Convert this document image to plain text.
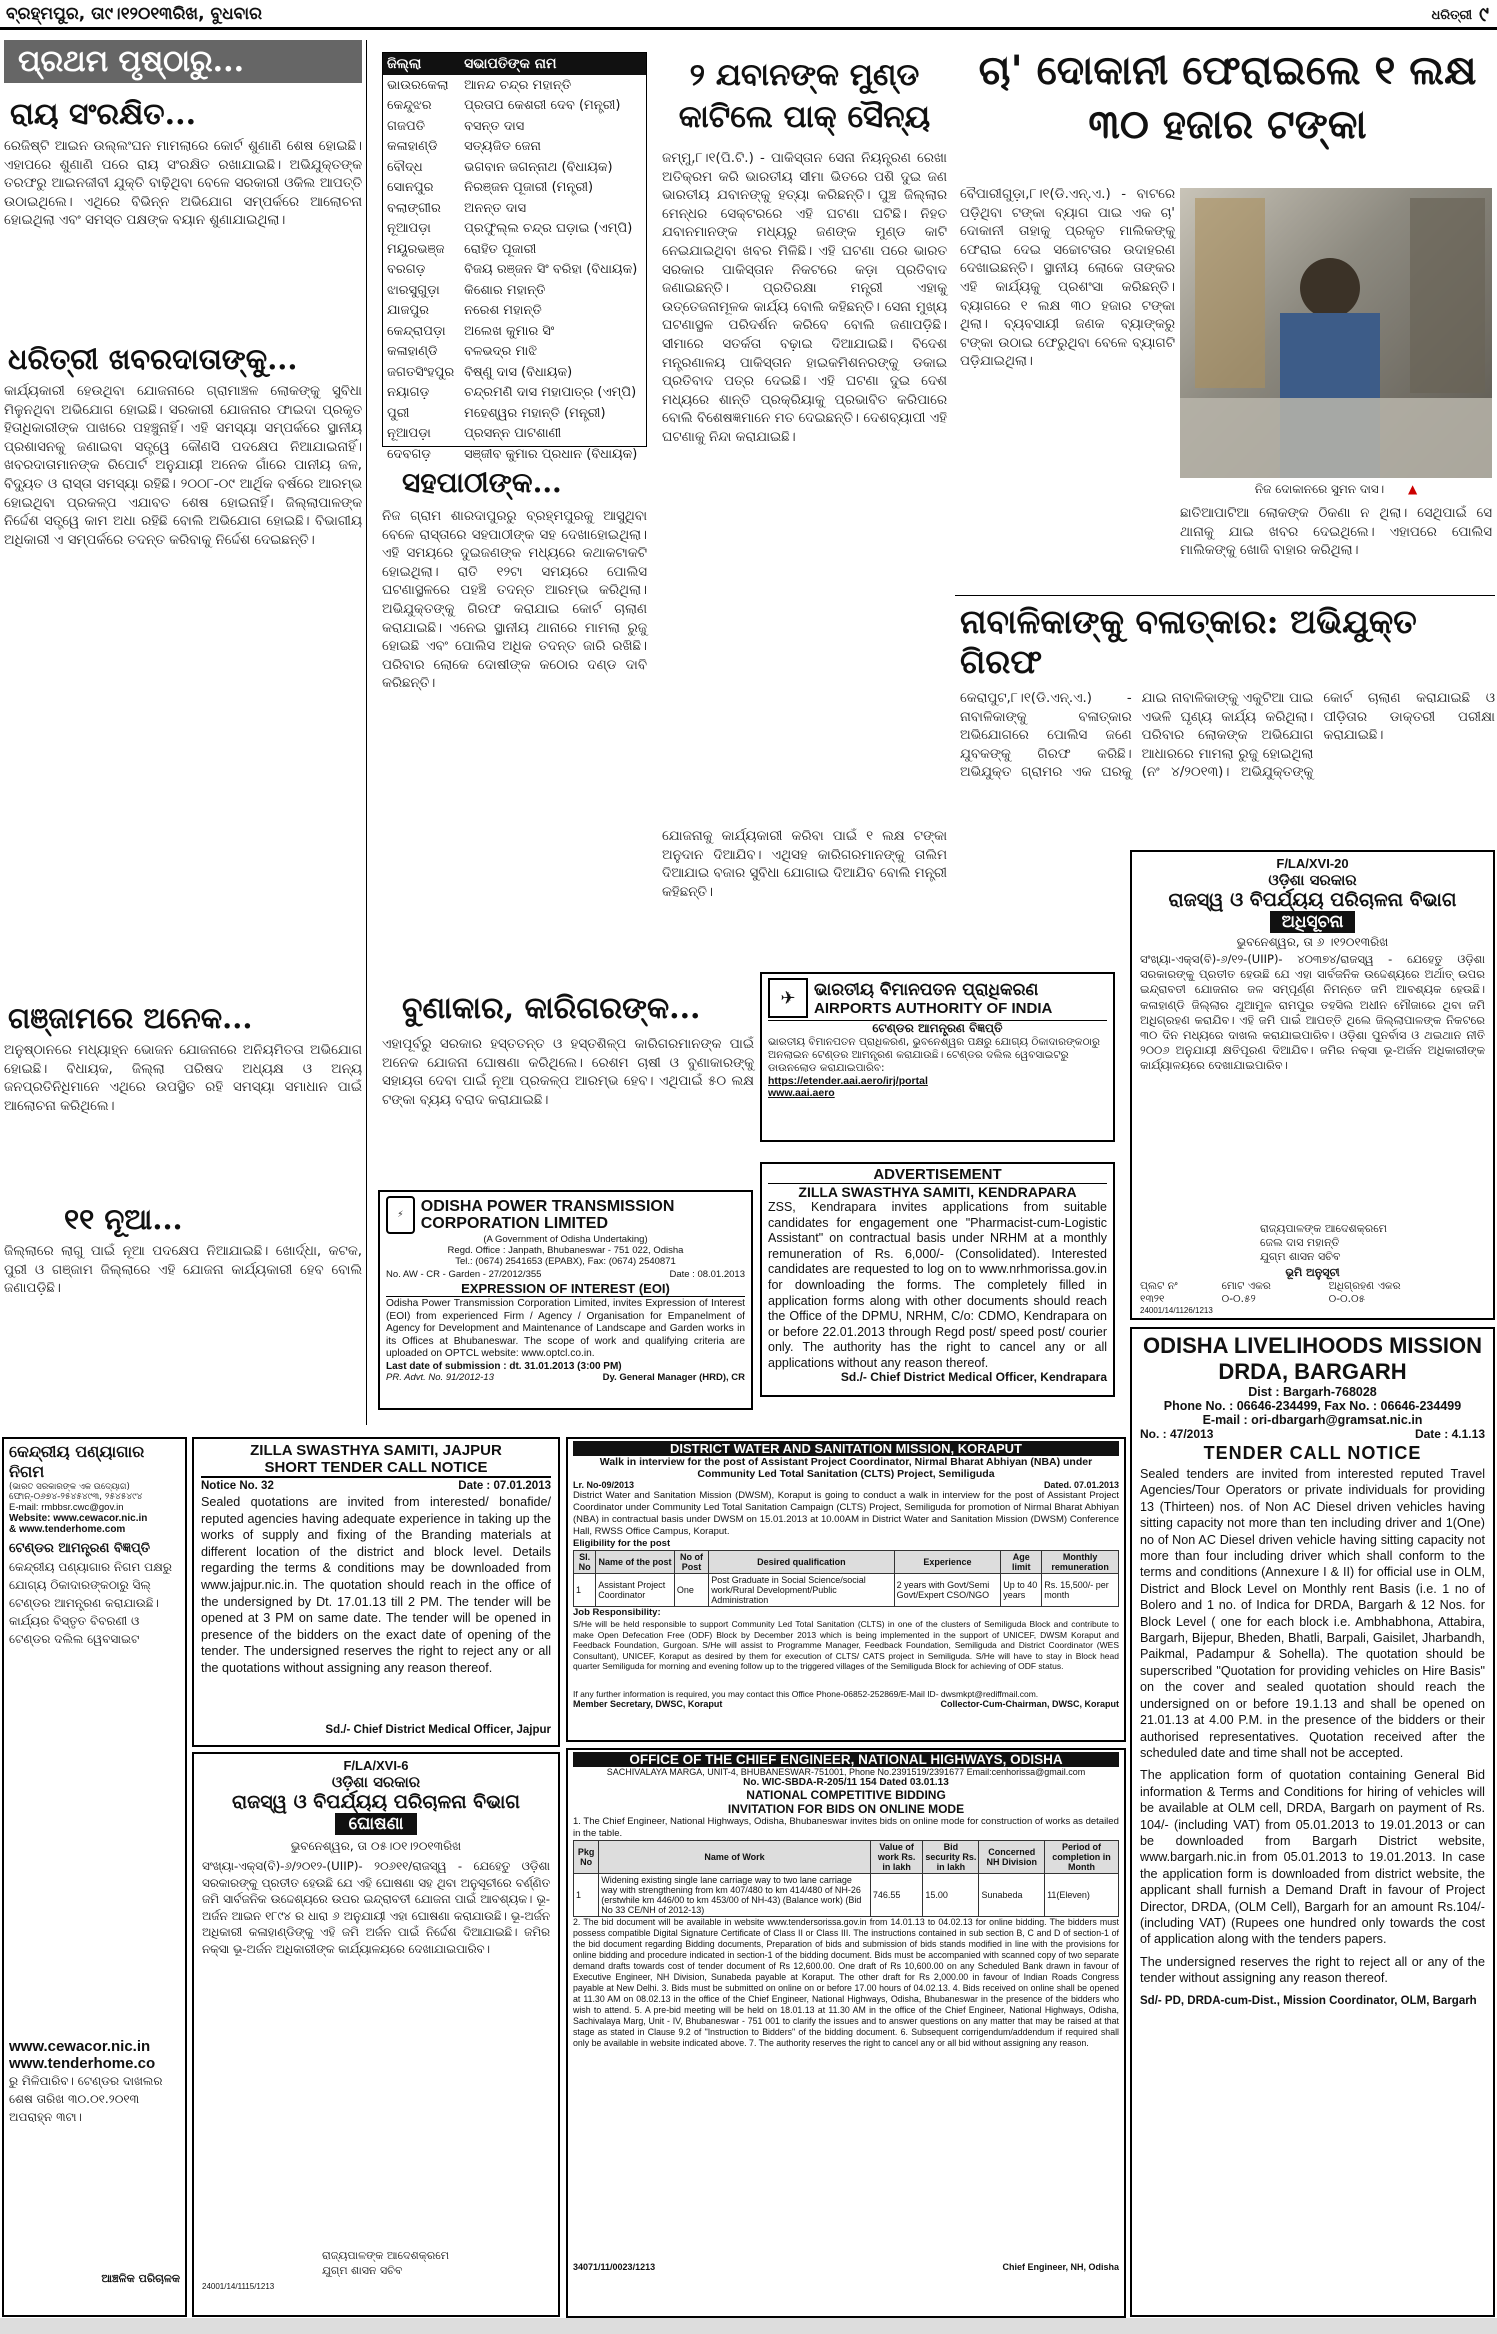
ବ୍ରହ୍ମପୁର, ତା୯।୧୨୦୧୩ରିଖ, ବୁଧବାର	ଧରିତ୍ରୀ ୯
ପ୍ରଥମ ପୃଷ୍ଠାରୁ...
ରାୟ ସଂରକ୍ଷିତ...
ରେଜିଷ୍ଟି ଆଇନ ଉଲ୍ଲଂଘନ ମାମଲାରେ କୋର୍ଟ ଶୁଣାଣି ଶେଷ ହୋଇଛି। ଏହାପରେ ଶୁଣାଣି ପରେ ରାୟ ସଂରକ୍ଷିତ ରଖାଯାଇଛି। ଅଭିଯୁକ୍ତଙ୍କ ତରଫରୁ ଆଇନଜୀବୀ ଯୁକ୍ତି ବାଢ଼ିଥିବା ବେଳେ ସରକାରୀ ଓକିଲ ଆପତ୍ତି ଉଠାଇଥିଲେ। ଏଥିରେ ବିଭିନ୍ନ ଅଭିଯୋଗ ସମ୍ପର୍କରେ ଆଲୋଚନା ହୋଇଥିଲା ଏବଂ ସମସ୍ତ ପକ୍ଷଙ୍କ ବୟାନ ଶୁଣାଯାଇଥିଲା।
ଧରିତ୍ରୀ ଖବରଦାତାଙ୍କୁ...
କାର୍ଯ୍ୟକାରୀ ହେଉଥିବା ଯୋଜନାରେ ଗ୍ରାମାଞ୍ଚଳ ଲୋକଙ୍କୁ ସୁବିଧା ମିଳୁନଥିବା ଅଭିଯୋଗ ହୋଇଛି। ସରକାରୀ ଯୋଜନାର ଫାଇଦା ପ୍ରକୃତ ହିତାଧିକାରୀଙ୍କ ପାଖରେ ପହଞ୍ଚୁନାହିଁ। ଏହି ସମସ୍ୟା ସମ୍ପର୍କରେ ସ୍ଥାନୀୟ ପ୍ରଶାସନକୁ ଜଣାଇବା ସତ୍ତ୍ୱେ କୌଣସି ପଦକ୍ଷେପ ନିଆଯାଇନାହିଁ। ଖବରଦାତାମାନଙ୍କ ରିପୋର୍ଟ ଅନୁଯାୟୀ ଅନେକ ଗାଁରେ ପାନୀୟ ଜଳ, ବିଦ୍ୟୁତ ଓ ରାସ୍ତା ସମସ୍ୟା ରହିଛି। ୨୦୦୮-୦୯ ଆର୍ଥିକ ବର୍ଷରେ ଆରମ୍ଭ ହୋଇଥିବା ପ୍ରକଳ୍ପ ଏଯାବତ ଶେଷ ହୋଇନାହିଁ। ଜିଲ୍ଲାପାଳଙ୍କ ନିର୍ଦ୍ଦେଶ ସତ୍ତ୍ୱେ କାମ ଅଧା ରହିଛି ବୋଲି ଅଭିଯୋଗ ହୋଇଛି। ବିଭାଗୀୟ ଅଧିକାରୀ ଏ ସମ୍ପର୍କରେ ତଦନ୍ତ କରିବାକୁ ନିର୍ଦ୍ଦେଶ ଦେଇଛନ୍ତି।
ଗଞ୍ଜାମରେ ଅନେକ...
ଅନୁଷ୍ଠାନରେ ମଧ୍ୟାହ୍ନ ଭୋଜନ ଯୋଜନାରେ ଅନିୟମିତତା ଅଭିଯୋଗ ହୋଇଛି। ବିଧାୟକ, ଜିଲ୍ଲା ପରିଷଦ ଅଧ୍ୟକ୍ଷ ଓ ଅନ୍ୟ ଜନପ୍ରତିନିଧିମାନେ ଏଥିରେ ଉପସ୍ଥିତ ରହି ସମସ୍ୟା ସମାଧାନ ପାଇଁ ଆଲୋଚନା କରିଥିଲେ।
୧୧ ନୂଆ...
ଜିଲ୍ଲାରେ ଲାଗୁ ପାଇଁ ନୂଆ ପଦକ୍ଷେପ ନିଆଯାଇଛି। ଖୋର୍ଦ୍ଧା, କଟକ, ପୁରୀ ଓ ଗଞ୍ଜାମ ଜିଲ୍ଲାରେ ଏହି ଯୋଜନା କାର୍ଯ୍ୟକାରୀ ହେବ ବୋଲି ଜଣାପଡ଼ିଛି।
ଜିଲ୍ଲା	ସଭାପତିଙ୍କ ନାମ
ଭାଉରକେଲା	ଆନନ୍ଦ ଚନ୍ଦ୍ର ମହାନ୍ତି
କେନ୍ଦୁଝର	ପ୍ରତାପ କେଶରୀ ଦେବ (ମନ୍ତ୍ରୀ)
ଗଜପତି	ବସନ୍ତ ଦାସ
କଳାହାଣ୍ଡି	ସତ୍ୟଜିତ ଜେନା
ବୌଦ୍ଧ	ଭଗବାନ ଜଗନ୍ନାଥ (ବିଧାୟକ)
ସୋନପୁର	ନିରଞ୍ଜନ ପୂଜାରୀ (ମନ୍ତ୍ରୀ)
ବଲାଙ୍ଗୀର	ଅନନ୍ତ ଦାସ
ନୂଆପଡ଼ା	ପ୍ରଫୁଲ୍ଲ ଚନ୍ଦ୍ର ଘଡ଼ାଇ (ଏମ୍ପି)
ମୟୂରଭଞ୍ଜ	ରୋହିତ ପୂଜାରୀ
ବରଗଡ଼	ବିଜୟ ରଞ୍ଜନ ସିଂ ବରିହା (ବିଧାୟକ)
ଝାରସୁଗୁଡ଼ା	କିଶୋର ମହାନ୍ତି
ଯାଜପୁର	ନରେଶ ମହାନ୍ତି
କେନ୍ଦ୍ରାପଡ଼ା	ଅଲେଖ କୁମାର ସିଂ
କଳାହାଣ୍ଡି	ବଳଭଦ୍ର ମାଝି
ଜଗତସିଂହପୁର	ବିଷ୍ଣୁ ଦାସ (ବିଧାୟକ)
ନୟାଗଡ଼	ଚନ୍ଦ୍ରମଣି ଦାସ ମହାପାତ୍ର (ଏମ୍ପି)
ପୁରୀ	ମହେଶ୍ୱର ମହାନ୍ତି (ମନ୍ତ୍ରୀ)
ନୂଆପଡ଼ା	ପ୍ରସନ୍ନ ପାଟଶାଣୀ
ଦେବଗଡ଼	ସଞ୍ଜୀବ କୁମାର ପ୍ରଧାନ (ବିଧାୟକ)
ସହପାଠୀଙ୍କ...
ନିଜ ଗ୍ରାମ ଶାରଦାପୁରରୁ ବ୍ରହ୍ମପୁରକୁ ଆସୁଥିବା ବେଳେ ରାସ୍ତାରେ ସହପାଠୀଙ୍କ ସହ ଦେଖାହୋଇଥିଲା। ଏହି ସମୟରେ ଦୁଇଜଣଙ୍କ ମଧ୍ୟରେ କଥାକଟାକଟି ହୋଇଥିଲା। ରାତି ୧୨ଟା ସମୟରେ ପୋଲିସ ଘଟଣାସ୍ଥଳରେ ପହଞ୍ଚି ତଦନ୍ତ ଆରମ୍ଭ କରିଥିଲା। ଅଭିଯୁକ୍ତଙ୍କୁ ଗିରଫ କରାଯାଇ କୋର୍ଟ ଚାଲାଣ କରାଯାଇଛି। ଏନେଇ ସ୍ଥାନୀୟ ଥାନାରେ ମାମଲା ରୁଜୁ ହୋଇଛି ଏବଂ ପୋଲିସ ଅଧିକ ତଦନ୍ତ ଜାରି ରଖିଛି। ପରିବାର ଲୋକେ ଦୋଷୀଙ୍କ କଠୋର ଦଣ୍ଡ ଦାବି କରିଛନ୍ତି।
୨ ଯବାନଙ୍କ ମୁଣ୍ଡ କାଟିଲେ ପାକ୍ ସୈନ୍ୟ
ଜମ୍ମୁ,୮।୧(ପି.ଟି.) - ପାକିସ୍ତାନ ସେନା ନିୟନ୍ତ୍ରଣ ରେଖା ଅତିକ୍ରମ କରି ଭାରତୀୟ ସୀମା ଭିତରେ ପଶି ଦୁଇ ଜଣ ଭାରତୀୟ ଯବାନଙ୍କୁ ହତ୍ୟା କରିଛନ୍ତି। ପୁଞ୍ଚ ଜିଲ୍ଲାର ମେନ୍ଧର ସେକ୍ଟରରେ ଏହି ଘଟଣା ଘଟିଛି। ନିହତ ଯବାନମାନଙ୍କ ମଧ୍ୟରୁ ଜଣଙ୍କ ମୁଣ୍ଡ କାଟି ନେଇଯାଇଥିବା ଖବର ମିଳିଛି। ଏହି ଘଟଣା ପରେ ଭାରତ ସରକାର ପାକିସ୍ତାନ ନିକଟରେ କଡ଼ା ପ୍ରତିବାଦ ଜଣାଇଛନ୍ତି। ପ୍ରତିରକ୍ଷା ମନ୍ତ୍ରୀ ଏହାକୁ ଉତ୍ତେଜନାମୂଳକ କାର୍ଯ୍ୟ ବୋଲି କହିଛନ୍ତି। ସେନା ମୁଖ୍ୟ ଘଟଣାସ୍ଥଳ ପରିଦର୍ଶନ କରିବେ ବୋଲି ଜଣାପଡ଼ିଛି। ସୀମାରେ ସତର୍କତା ବଢ଼ାଇ ଦିଆଯାଇଛି। ବିଦେଶ ମନ୍ତ୍ରଣାଳୟ ପାକିସ୍ତାନ ହାଇକମିଶନରଙ୍କୁ ଡକାଇ ପ୍ରତିବାଦ ପତ୍ର ଦେଇଛି। ଏହି ଘଟଣା ଦୁଇ ଦେଶ ମଧ୍ୟରେ ଶାନ୍ତି ପ୍ରକ୍ରିୟାକୁ ପ୍ରଭାବିତ କରିପାରେ ବୋଲି ବିଶେଷଜ୍ଞମାନେ ମତ ଦେଇଛନ୍ତି। ଦେଶବ୍ୟାପୀ ଏହି ଘଟଣାକୁ ନିନ୍ଦା କରାଯାଇଛି।
ଯୋଜନାକୁ କାର୍ଯ୍ୟକାରୀ କରିବା ପାଇଁ ୧ ଲକ୍ଷ ଟଙ୍କା ଅନୁଦାନ ଦିଆଯିବ। ଏଥିସହ କାରିଗରମାନଙ୍କୁ ତାଲିମ ଦିଆଯାଇ ବଜାର ସୁବିଧା ଯୋଗାଇ ଦିଆଯିବ ବୋଲି ମନ୍ତ୍ରୀ କହିଛନ୍ତି।
ବୁଣାକାର, କାରିଗରଙ୍କ...
ଏହାପୂର୍ବରୁ ସରକାର ହସ୍ତତନ୍ତ ଓ ହସ୍ତଶିଳ୍ପ କାରିଗରମାନଙ୍କ ପାଇଁ ଅନେକ ଯୋଜନା ଘୋଷଣା କରିଥିଲେ। ରେଶମ ଚାଷୀ ଓ ବୁଣାକାରଙ୍କୁ ସହାୟତା ଦେବା ପାଇଁ ନୂଆ ପ୍ରକଳ୍ପ ଆରମ୍ଭ ହେବ। ଏଥିପାଇଁ ୫୦ ଲକ୍ଷ ଟଙ୍କା ବ୍ୟୟ ବରାଦ କରାଯାଇଛି।
⚡	ODISHA POWER TRANSMISSION CORPORATION LIMITED
(A Government of Odisha Undertaking)
Regd. Office : Janpath, Bhubaneswar - 751 022, Odisha
Tel.: (0674) 2541653 (EPABX), Fax: (0674) 2540871
No. AW - CR - Garden - 27/2012/355	Date : 08.01.2013
EXPRESSION OF INTEREST (EOI)
Odisha Power Transmission Corporation Limited, invites Expression of Interest (EOI) from experienced Firm / Agency / Organisation for Empanelment of Agency for Development and Maintenance of Landscape and Garden works in its Offices at Bhubaneswar. The scope of work and qualifying criteria are uploaded on OPTCL website: www.optcl.co.in.
Last date of submission : dt. 31.01.2013 (3:00 PM)
PR. Advt. No. 91/2012-13	Dy. General Manager (HRD), CR
ଚା' ଦୋକାନୀ ଫେରାଇଲେ ୧ ଲକ୍ଷ ୩୦ ହଜାର ଟଙ୍କା
ବୈପାରୀଗୁଡ଼ା,୮।୧(ଡି.ଏନ୍.ଏ.) - ବାଟରେ ପଡ଼ିଥିବା ଟଙ୍କା ବ୍ୟାଗ ପାଇ ଏକ ଚା' ଦୋକାନୀ ତାହାକୁ ପ୍ରକୃତ ମାଲିକଙ୍କୁ ଫେରାଇ ଦେଇ ସଚ୍ଚୋଟତାର ଉଦାହରଣ ଦେଖାଇଛନ୍ତି। ସ୍ଥାନୀୟ ଲୋକେ ତାଙ୍କର ଏହି କାର୍ଯ୍ୟକୁ ପ୍ରଶଂସା କରିଛନ୍ତି। ବ୍ୟାଗରେ ୧ ଲକ୍ଷ ୩୦ ହଜାର ଟଙ୍କା ଥିଲା। ବ୍ୟବସାୟୀ ଜଣକ ବ୍ୟାଙ୍କରୁ ଟଙ୍କା ଉଠାଇ ଫେରୁଥିବା ବେଳେ ବ୍ୟାଗଟି ପଡ଼ିଯାଇଥିଲା।
ନିଜ ଦୋକାନରେ ସୁମନ ଦାସ। ▲
ଛାତିଆପାଟିଆ ଲୋକଙ୍କ ଠିକଣା ନ ଥିଲା। ସେଥିପାଇଁ ସେ ଥାନାକୁ ଯାଇ ଖବର ଦେଇଥିଲେ। ଏହାପରେ ପୋଲିସ ମାଲିକଙ୍କୁ ଖୋଜି ବାହାର କରିଥିଲା।
ନାବାଳିକାଙ୍କୁ ବଳାତ୍କାର: ଅଭିଯୁକ୍ତ ଗିରଫ
କେରାପୁଟ,୮।୧(ଡି.ଏନ୍.ଏ.) - ନାବାଳିକାଙ୍କୁ ବଳାତ୍କାର ଅଭିଯୋଗରେ ପୋଲିସ ଜଣେ ଯୁବକଙ୍କୁ ଗିରଫ କରିଛି। ଅଭିଯୁକ୍ତ ଗ୍ରାମର ଏକ ଘରକୁ ଯାଇ ନାବାଳିକାଙ୍କୁ ଏକୁଟିଆ ପାଇ ଏଭଳି ଘୃଣ୍ୟ କାର୍ଯ୍ୟ କରିଥିଲା। ପରିବାର ଲୋକଙ୍କ ଅଭିଯୋଗ ଆଧାରରେ ମାମଲା ରୁଜୁ ହୋଇଥିଲା (ନଂ ୪/୨୦୧୩)। ଅଭିଯୁକ୍ତଙ୍କୁ କୋର୍ଟ ଚାଲାଣ କରାଯାଇଛି ଓ ପୀଡ଼ିତାର ଡାକ୍ତରୀ ପରୀକ୍ଷା କରାଯାଇଛି।
✈	ଭାରତୀୟ ବିମାନପତନ ପ୍ରାଧିକରଣ
AIRPORTS AUTHORITY OF INDIA
ଟେଣ୍ଡର ଆମନ୍ତ୍ରଣ ବିଜ୍ଞପ୍ତି
ଭାରତୀୟ ବିମାନପତନ ପ୍ରାଧିକରଣ, ଭୁବନେଶ୍ୱର ପକ୍ଷରୁ ଯୋଗ୍ୟ ଠିକାଦାରଙ୍କଠାରୁ ଅନଲାଇନ ଟେଣ୍ଡର ଆମନ୍ତ୍ରଣ କରାଯାଉଛି। ଟେଣ୍ଡର ଦଲିଲ ୱେବସାଇଟରୁ ଡାଉନଲୋଡ କରାଯାଇପାରିବ:
https://etender.aai.aero/irj/portal
www.aai.aero
ADVERTISEMENT
ZILLA SWASTHYA SAMITI, KENDRAPARA
ZSS, Kendrapara invites applications from suitable candidates for engagement one "Pharmacist-cum-Logistic Assistant" on contractual basis under NRHM at a monthly remuneration of Rs. 6,000/- (Consolidated). Interested candidates are requested to log on to www.nrhmorissa.gov.in for downloading the forms. The completely filled in application forms along with other documents should reach the Office of the DPMU, NRHM, C/o: CDMO, Kendrapara on or before 22.01.2013 through Regd post/ speed post/ courier only. The authority has the right to cancel any or all applications without any reason thereof.
Sd./- Chief District Medical Officer, Kendrapara
F/LA/XVI-20
ଓଡ଼ିଶା ସରକାର
ରାଜସ୍ୱ ଓ ବିପର୍ଯ୍ୟୟ ପରିଚାଳନା ବିଭାଗ
ଅଧିସୂଚନା
ଭୁବନେଶ୍ୱର, ତା ୬ ।୧୨୦୧୩ରିଖ
ସଂଖ୍ୟା-ଏକ୍ସ(ବି)-୬/୧୨-(UIIP)- ୪୦୩୭୪/ରାଜସ୍ୱ - ଯେହେତୁ ଓଡ଼ିଶା ସରକାରଙ୍କୁ ପ୍ରତୀତ ହେଉଛି ଯେ ଏହା ସାର୍ବଜନିକ ଉଦ୍ଦେଶ୍ୟରେ ଅର୍ଥାତ୍ ଉପର ଇନ୍ଦ୍ରାବତୀ ଯୋଜନାର ଜଳ ସମ୍ପୂର୍ଣ୍ଣ ନିମନ୍ତେ ଜମି ଆବଶ୍ୟକ ହେଉଛି। କଳାହାଣ୍ଡି ଜିଲ୍ଲାର ଥୁଆମୁଳ ରାମପୁର ତହସିଲ ଅଧୀନ ମୌଜାରେ ଥିବା ଜମି ଅଧିଗ୍ରହଣ କରାଯିବ। ଏହି ଜମି ପାଇଁ ଆପତ୍ତି ଥିଲେ ଜିଲ୍ଲାପାଳଙ୍କ ନିକଟରେ ୩୦ ଦିନ ମଧ୍ୟରେ ଦାଖଲ କରାଯାଇପାରିବ। ଓଡ଼ିଶା ପୁନର୍ବାସ ଓ ଥଇଥାନ ନୀତି ୨୦୦୬ ଅନୁଯାୟୀ କ୍ଷତିପୂରଣ ଦିଆଯିବ। ଜମିର ନକ୍ସା ଭୂ-ଅର୍ଜନ ଅଧିକାରୀଙ୍କ କାର୍ଯ୍ୟାଳୟରେ ଦେଖାଯାଇପାରିବ।
ରାଜ୍ୟପାଳଙ୍କ ଆଦେଶକ୍ରମେ
ଜେଲ ଦାସ ମହାନ୍ତି
ଯୁଗ୍ମ ଶାସନ ସଚିବ
ଭୂମି ଅନୁସୂଚୀ
ପ୍ଲଟ ନଂ	ମୋଟ ଏକର	ଅଧିଗ୍ରହଣ ଏକର
୧୩୨୧	୦-୦.୫୨	୦-୦.୦୫
24001/14/1126/1213
ZILLA SWASTHYA SAMITI, JAJPUR
SHORT TENDER CALL NOTICE
Notice No. 32	Date : 07.01.2013
Sealed quotations are invited from interested/ bonafide/ reputed agencies having adequate experience in taking up the works of supply and fixing of the Branding materials at different location of the district and block level. Details regarding the terms & conditions may be downloaded from www.jajpur.nic.in. The quotation should reach in the office of the undersigned by Dt. 17.01.13 till 2 PM. The tender will be opened at 3 PM on same date. The tender will be opened in presence of the bidders on the exact date of opening of the tender. The undersigned reserves the right to reject any or all the quotations without assigning any reason thereof.
Sd./- Chief District Medical Officer, Jajpur
କେନ୍ଦ୍ରୀୟ ପଣ୍ୟାଗାର ନିଗମ
(ଭାରତ ସରକାରଙ୍କ ଏକ ଉଦ୍ୟୋଗ)
ଫୋନ୍-୦୬୭୪-୨୫୪୫୪୯୩, ୨୫୪୫୪୯୪
E-mail: rmbbsr.cwc@gov.in
Website: www.cewacor.nic.in
& www.tenderhome.com
ଟେଣ୍ଡର ଆମନ୍ତ୍ରଣ ବିଜ୍ଞପ୍ତି
କେନ୍ଦ୍ରୀୟ ପଣ୍ୟାଗାର ନିଗମ ପକ୍ଷରୁ ଯୋଗ୍ୟ ଠିକାଦାରଙ୍କଠାରୁ ସିଲ୍ ଟେଣ୍ଡର ଆମନ୍ତ୍ରଣ କରାଯାଉଛି। କାର୍ଯ୍ୟର ବିସ୍ତୃତ ବିବରଣୀ ଓ ଟେଣ୍ଡର ଦଲିଲ ୱେବସାଇଟ
www.cewacor.nic.in
www.tenderhome.co
ରୁ ମିଳିପାରିବ। ଟେଣ୍ଡର ଦାଖଲର ଶେଷ ତାରିଖ ୩୦.୦୧.୨୦୧୩ ଅପରାହ୍ନ ୩ଟା।
ଆଞ୍ଚଳିକ ପରିଚାଳକ
F/LA/XVI-6
ଓଡ଼ିଶା ସରକାର
ରାଜସ୍ୱ ଓ ବିପର୍ଯ୍ୟୟ ପରିଚାଳନା ବିଭାଗ
ଘୋଷଣା
ଭୁବନେଶ୍ୱର, ତା ୦୫।୦୧।୨୦୧୩ରିଖ
ସଂଖ୍ୟା-ଏକ୍ସ(ବି)-୬/୨୦୧୨-(UIIP)- ୨୦୬୧୧/ରାଜସ୍ୱ - ଯେହେତୁ ଓଡ଼ିଶା ସରକାରଙ୍କୁ ପ୍ରତୀତ ହେଉଛି ଯେ ଏହି ଘୋଷଣା ସହ ଥିବା ଅନୁସୂଚୀରେ ବର୍ଣ୍ଣିତ ଜମି ସାର୍ବଜନିକ ଉଦ୍ଦେଶ୍ୟରେ ଉପର ଇନ୍ଦ୍ରାବତୀ ଯୋଜନା ପାଇଁ ଆବଶ୍ୟକ। ଭୂ-ଅର୍ଜନ ଆଇନ ୧୮୯୪ ର ଧାରା ୬ ଅନୁଯାୟୀ ଏହା ଘୋଷଣା କରାଯାଉଛି। ଭୂ-ଅର୍ଜନ ଅଧିକାରୀ କଳାହାଣ୍ଡିଙ୍କୁ ଏହି ଜମି ଅର୍ଜନ ପାଇଁ ନିର୍ଦ୍ଦେଶ ଦିଆଯାଇଛି। ଜମିର ନକ୍ସା ଭୂ-ଅର୍ଜନ ଅଧିକାରୀଙ୍କ କାର୍ଯ୍ୟାଳୟରେ ଦେଖାଯାଇପାରିବ।
ରାଜ୍ୟପାଳଙ୍କ ଆଦେଶକ୍ରମେ
ଯୁଗ୍ମ ଶାସନ ସଚିବ
24001/14/1115/1213
DISTRICT WATER AND SANITATION MISSION, KORAPUT
Walk in interview for the post of Assistant Project Coordinator, Nirmal Bharat Abhiyan (NBA) under Community Led Total Sanitation (CLTS) Project, Semiliguda
Lr. No-09/2013	Dated. 07.01.2013
District Water and Sanitation Mission (DWSM), Koraput is going to conduct a walk in interview for the post of Assistant Project Coordinator under Community Led Total Sanitation Campaign (CLTS) Project, Semiliguda for promotion of Nirmal Bharat Abhiyan (NBA) in contractual basis under DWSM on 15.01.2013 at 10.00AM in District Water and Sanitation Mission (DWSM) Conference Hall, RWSS Office Campus, Koraput.
Eligibility for the post
Sl. No	Name of the post	No of Post	Desired qualification	Experience	Age limit	Monthly remuneration
1	Assistant Project Coordinator	One	Post Graduate in Social Science/social work/Rural Development/Public Administration	2 years with Govt/Semi Govt/Expert CSO/NGO	Up to 40 years	Rs. 15,500/- per month
Job Responsibility:
S/He will be held responsible to support Community Led Total Sanitation (CLTS) in one of the clusters of Semiliguda Block and contribute to make Open Defecation Free (ODF) Block by December 2013 which is being implemented in the support of UNICEF, DWSM Koraput and Feedback Foundation, Gurgoan. S/He will assist to Programme Manager, Feedback Foundation, Semiliguda and District Coordinator (WES Consultant), UNICEF, Koraput as desired by them for execution of CLTS/ CATS project in Semiliguda. S/He will have to stay in Block head quarter Semiliguda for morning and evening follow up to the triggered villages of the Semiliguda Block for achieving of ODF status.
If any further information is required, you may contact this Office Phone-06852-252869/E-Mail ID- dwsmkpt@rediffmail.com.
Member Secretary, DWSC, Koraput	Collector-Cum-Chairman, DWSC, Koraput
OFFICE OF THE CHIEF ENGINEER, NATIONAL HIGHWAYS, ODISHA
SACHIVALAYA MARGA, UNIT-4, BHUBANESWAR-751001, Phone No.2391519/2391677 Email:cenhorissa@gmail.com
No. WIC-SBDA-R-205/11 154 Dated 03.01.13
NATIONAL COMPETITIVE BIDDING
INVITATION FOR BIDS ON ONLINE MODE
1. The Chief Engineer, National Highways, Odisha, Bhubaneswar invites bids on online mode for construction of works as detailed in the table.
Pkg No	Name of Work	Value of work Rs. in lakh	Bid security Rs. in lakh	Concerned NH Division	Period of completion in Month
1	Widening existing single lane carriage way to two lane carriage way with strengthening from km 407/480 to km 414/480 of NH-26 (erstwhile km 446/00 to km 453/00 of NH-43) (Balance work) (Bid No 33 CE/NH of 2012-13)	746.55	15.00	Sunabeda	11(Eleven)
2. The bid document will be available in website www.tendersorissa.gov.in from 14.01.13 to 04.02.13 for online bidding. The bidders must possess compatible Digital Signature Certificate of Class II or Class III. The instructions contained in sub section B, C and D of section-1 of the bid document regarding Bidding documents, Preparation of bids and submission of bids stands modified in line with the provisions for online bidding and procedure indicated in section-1 of the bidding document. Bids must be accompanied with scanned copy of two separate demand drafts towards cost of tender document of Rs 12,600.00. One draft of Rs 10,600.00 on any Scheduled Bank drawn in favour of Executive Engineer, NH Division, Sunabeda payable at Koraput. The other draft for Rs 2,000.00 in favour of Indian Roads Congress payable at New Delhi. 3. Bids must be submitted on online on or before 17.00 hours of 04.02.13. 4. Bids received on online shall be opened at 11.30 AM on 08.02.13 in the office of the Chief Engineer, National Highways, Odisha, Bhubaneswar in the presence of the bidders who wish to attend. 5. A pre-bid meeting will be held on 18.01.13 at 11.30 AM in the office of the Chief Engineer, National Highways, Odisha, Sachivalaya Marg, Unit - IV, Bhubaneswar - 751 001 to clarify the issues and to answer questions on any matter that may be raised at that stage as stated in Clause 9.2 of "Instruction to Bidders" of the bidding document. 6. Subsequent corrigendum/addendum if required shall only be available in website indicated above. 7. The authority reserves the right to cancel any or all bid without assigning any reason.
34071/11/0023/1213	Chief Engineer, NH, Odisha
ODISHA LIVELIHOODS MISSION
DRDA, BARGARH
Dist : Bargarh-768028
Phone No. : 06646-234499, Fax No. : 06646-234499
E-mail : ori-dbargarh@gramsat.nic.in
No. : 47/2013	Date : 4.1.13
TENDER CALL NOTICE
Sealed tenders are invited from interested reputed Travel Agencies/Tour Operators or private individuals for providing 13 (Thirteen) nos. of Non AC Diesel driven vehicles having sitting capacity not more than ten including driver and 1(One) no of Non AC Diesel driven vehicle having sitting capacity not more than four including driver which shall conform to the terms and conditions (Annexure I & II) for official use in OLM, District and Block Level on Monthly rent Basis (i.e. 1 no of Bolero and 1 no. of Indica for DRDA, Bargarh & 12 Nos. for Block Level ( one for each block i.e. Ambhabhona, Attabira, Bargarh, Bijepur, Bheden, Bhatli, Barpali, Gaisilet, Jharbandh, Paikmal, Padampur & Sohella). The quotation should be superscribed "Quotation for providing vehicles on Hire Basis" on the cover and sealed quotation should reach the undersigned on or before 19.1.13 and shall be opened on 21.01.13 at 4.00 P.M. in the presence of the bidders or their authorised representatives. Quotation received after the scheduled date and time shall not be accepted.
The application form of quotation containing General Bid information & Terms and Conditions for hiring of vehicles will be available at OLM cell, DRDA, Bargarh on payment of Rs. 104/- (including VAT) from 05.01.2013 to 19.01.2013 or can be downloaded from Bargarh District website, www.bargarh.nic.in from 05.01.2013 to 19.01.2013. In case the application form is downloaded from district website, the applicant shall furnish a Demand Draft in favour of Project Director, DRDA, (OLM Cell), Bargarh for an amount Rs.104/- (including VAT) (Rupees one hundred only towards the cost of application along with the tenders papers.
The undersigned reserves the right to reject all or any of the tender without assigning any reason thereof.
Sd/- PD, DRDA-cum-Dist., Mission Coordinator, OLM, Bargarh
